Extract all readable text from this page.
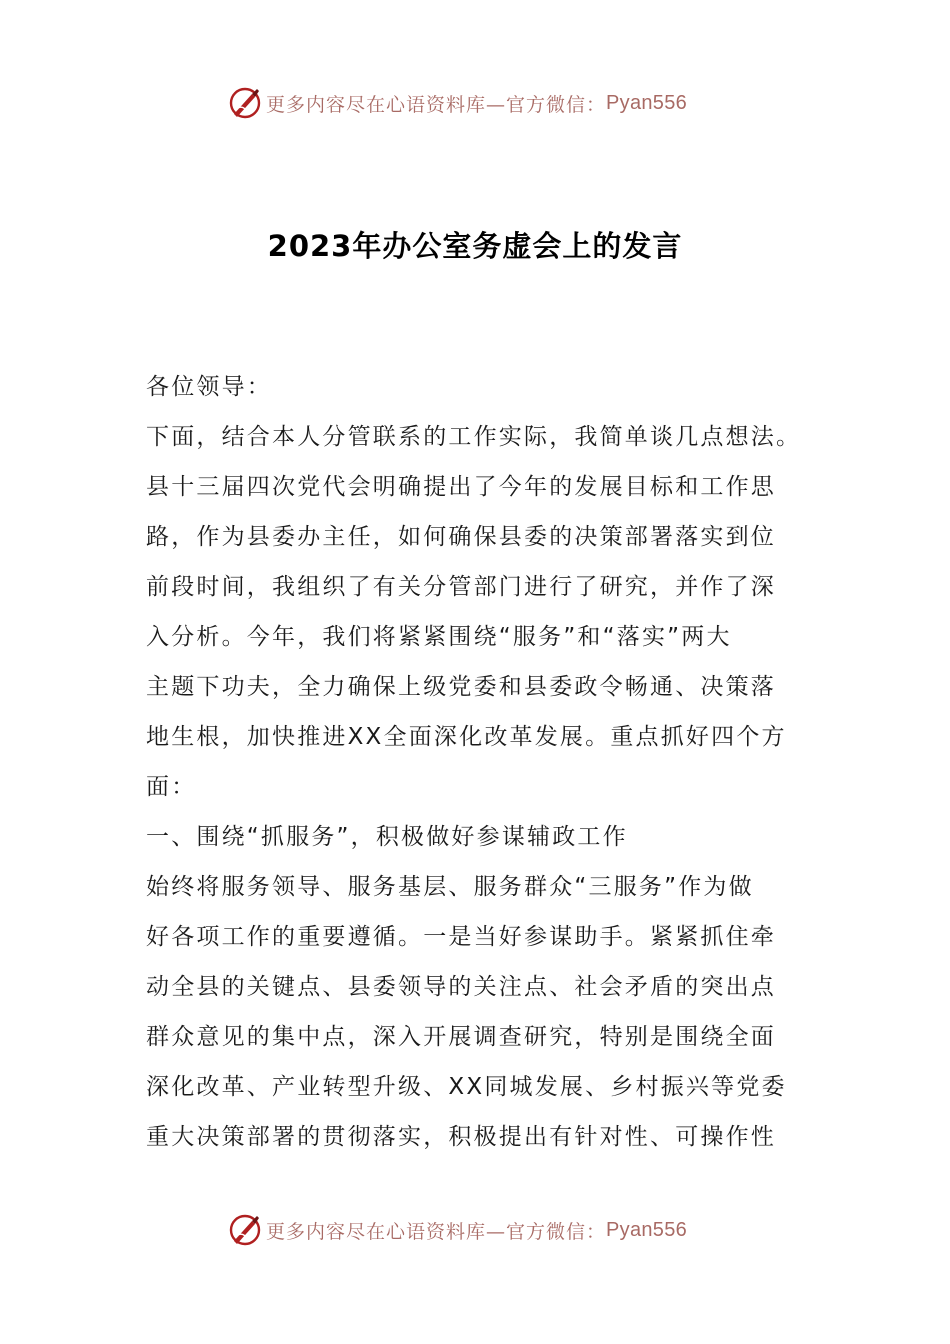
更多内容尽在心语资料库—官方微信： Pyan556
2023年办公室务虚会上的发言

各位领导：

下面，结合本人分管联系的工作实际，我简单谈几点想法。

县十三届四次党代会明确提出了今年的发展目标和工作思

路，作为县委办主任，如何确保县委的决策部署落实到位

前段时间，我组织了有关分管部门进行了研究，并作了深

入分析。今年，我们将紧紧围绕“服务”和“落实”两大

主题下功夫，全力确保上级党委和县委政令畅通、决策落

地生根，加快推进XX全面深化改革发展。重点抓好四个方

面：

一、围绕“抓服务”，积极做好参谋辅政工作

始终将服务领导、服务基层、服务群众“三服务”作为做

好各项工作的重要遵循。一是当好参谋助手。紧紧抓住牵

动全县的关键点、县委领导的关注点、社会矛盾的突出点

群众意见的集中点，深入开展调查研究，特别是围绕全面

深化改革、产业转型升级、XX同城发展、乡村振兴等党委

重大决策部署的贯彻落实，积极提出有针对性、可操作性

更多内容尽在心语资料库—官方微信： Pyan556
